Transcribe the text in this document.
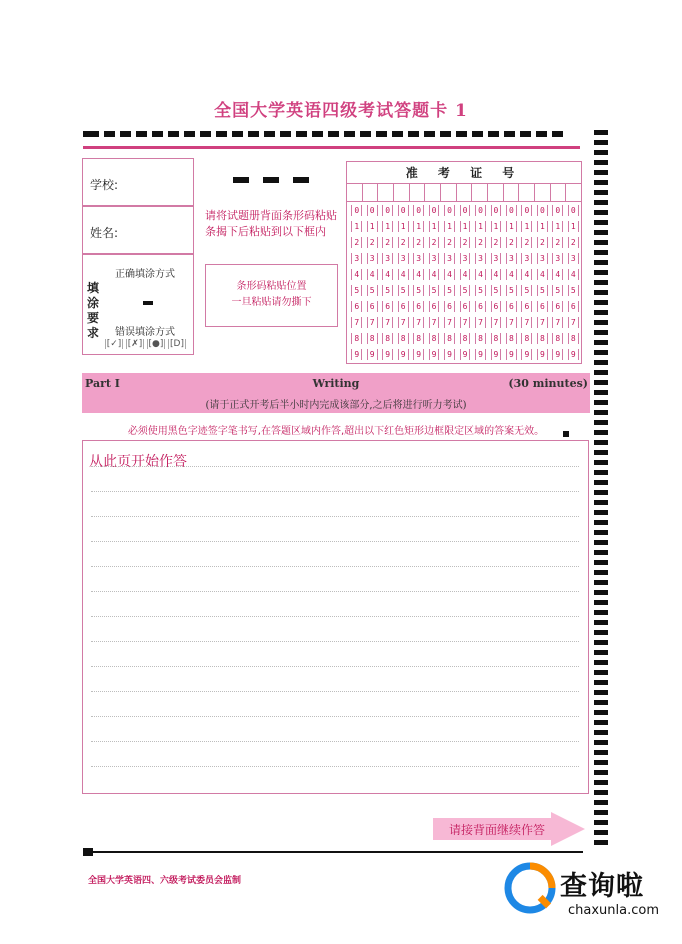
全国大学英语四级考试答题卡 1
学校:
姓名:
填涂要求
正确填涂方式
错误填涂方式
[✓] [✗] [●] [D]
请将试题册背面条形码粘贴条揭下后粘贴到以下框内
条形码粘贴位置
一旦粘贴请勿撕下
准 考 证 号
0	0	0	0	0	0	0	0	0	0	0	0	0	0	0
1	1	1	1	1	1	1	1	1	1	1	1	1	1	1
2	2	2	2	2	2	2	2	2	2	2	2	2	2	2
3	3	3	3	3	3	3	3	3	3	3	3	3	3	3
4	4	4	4	4	4	4	4	4	4	4	4	4	4	4
5	5	5	5	5	5	5	5	5	5	5	5	5	5	5
6	6	6	6	6	6	6	6	6	6	6	6	6	6	6
7	7	7	7	7	7	7	7	7	7	7	7	7	7	7
8	8	8	8	8	8	8	8	8	8	8	8	8	8	8
9	9	9	9	9	9	9	9	9	9	9	9	9	9	9
Part Ⅰ	Writing	(30 minutes)
(请于正式开考后半小时内完成该部分,之后将进行听力考试)
必须使用黑色字迹签字笔书写,在答题区域内作答,超出以下红色矩形边框限定区域的答案无效。
从此页开始作答
请接背面继续作答
全国大学英语四、六级考试委员会监制	查询啦
chaxunla.com
